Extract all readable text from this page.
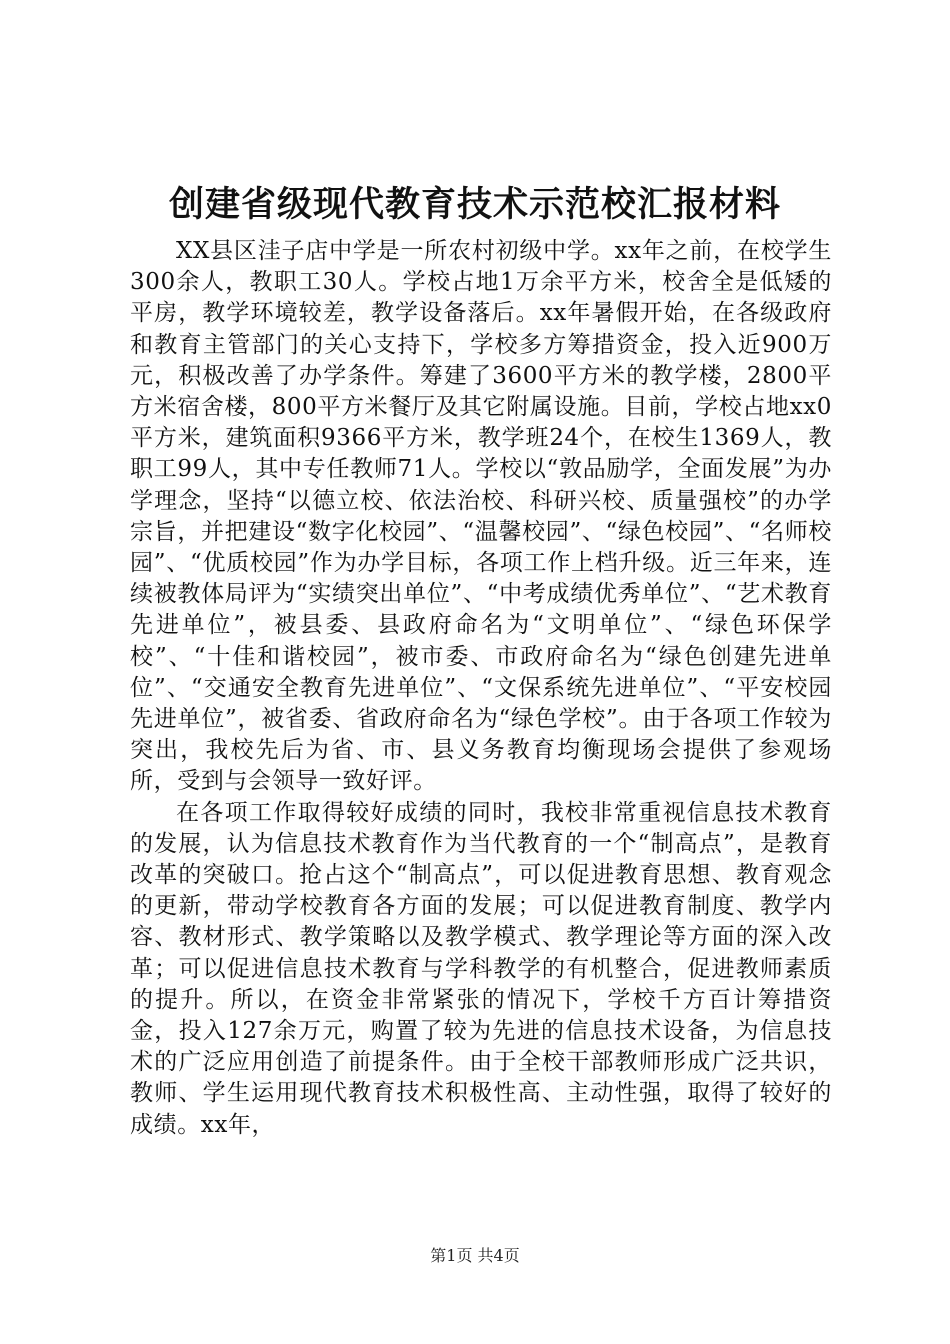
创建省级现代教育技术示范校汇报材料

XX县区洼子店中学是一所农村初级中学。xx年之前，在校学生300余人，教职工30人。学校占地1万余平方米，校舍全是低矮的平房，教学环境较差，教学设备落后。xx年暑假开始，在各级政府和教育主管部门的关心支持下，学校多方筹措资金，投入近900万元，积极改善了办学条件。筹建了3600平方米的教学楼，2800平方米宿舍楼，800平方米餐厅及其它附属设施。目前，学校占地xx0平方米，建筑面积9366平方米，教学班24个，在校生1369人，教职工99人，其中专任教师71人。学校以“敦品励学，全面发展”为办学理念，坚持“以德立校、依法治校、科研兴校、质量强校”的办学宗旨，并把建设“数字化校园”、“温馨校园”、“绿色校园”、“名师校园”、“优质校园”作为办学目标，各项工作上档升级。近三年来，连续被教体局评为“实绩突出单位”、“中考成绩优秀单位”、“艺术教育先进单位”，被县委、县政府命名为“文明单位”、“绿色环保学校”、“十佳和谐校园”，被市委、市政府命名为“绿色创建先进单位”、“交通安全教育先进单位”、“文保系统先进单位”、“平安校园先进单位”，被省委、省政府命名为“绿色学校”。由于各项工作较为突出，我校先后为省、市、县义务教育均衡现场会提供了参观场所，受到与会领导一致好评。

在各项工作取得较好成绩的同时，我校非常重视信息技术教育的发展，认为信息技术教育作为当代教育的一个“制高点”，是教育改革的突破口。抢占这个“制高点”，可以促进教育思想、教育观念的更新，带动学校教育各方面的发展；可以促进教育制度、教学内容、教材形式、教学策略以及教学模式、教学理论等方面的深入改革；可以促进信息技术教育与学科教学的有机整合，促进教师素质的提升。所以，在资金非常紧张的情况下，学校千方百计筹措资金，投入127余万元，购置了较为先进的信息技术设备，为信息技术的广泛应用创造了前提条件。由于全校干部教师形成广泛共识，教师、学生运用现代教育技术积极性高、主动性强，取得了较好的成绩。xx年，

第1页 共4页
